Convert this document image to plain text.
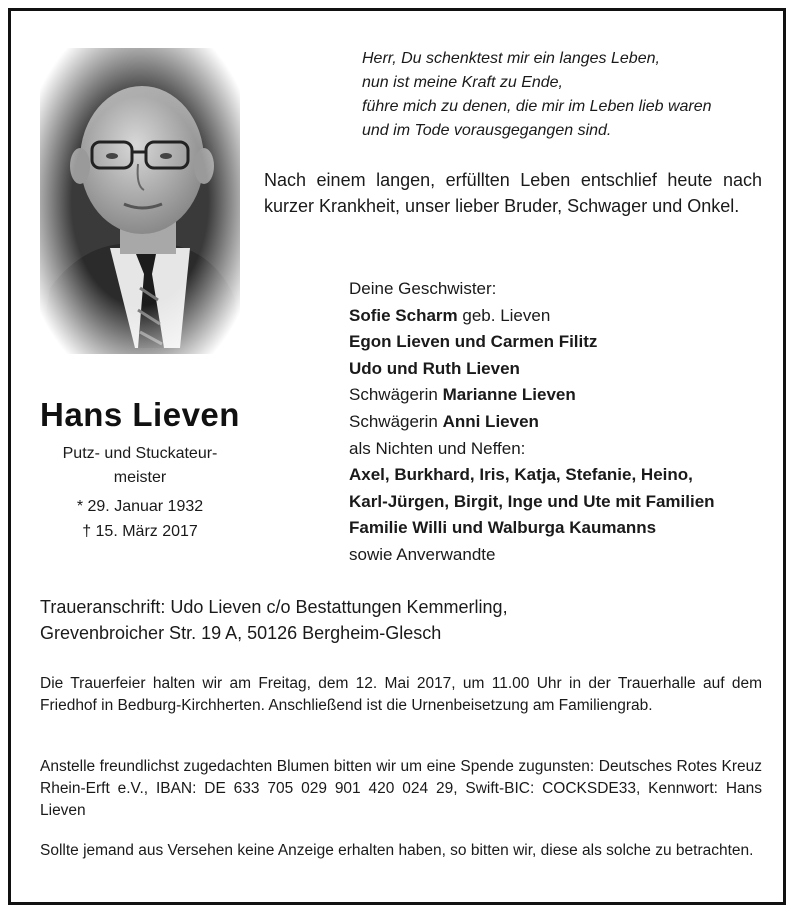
Herr, Du schenktest mir ein langes Leben,
nun ist meine Kraft zu Ende,
führe mich zu denen, die mir im Leben lieb waren
und im Tode vorausgegangen sind.
Nach einem langen, erfüllten Leben entschlief heute nach kurzer Krankheit, unser lieber Bruder, Schwager und Onkel.
Hans Lieven
Putz- und Stuckateur-
meister
* 29. Januar 1932
† 15. März 2017
Deine Geschwister:
Sofie Scharm geb. Lieven
Egon Lieven und Carmen Filitz
Udo und Ruth Lieven
Schwägerin Marianne Lieven
Schwägerin Anni Lieven
als Nichten und Neffen:
Axel, Burkhard, Iris, Katja, Stefanie, Heino,
Karl-Jürgen, Birgit, Inge und Ute mit Familien
Familie Willi und Walburga Kaumanns
sowie Anverwandte
Traueranschrift: Udo Lieven c/o Bestattungen Kemmerling,
Grevenbroicher Str. 19 A, 50126 Bergheim-Glesch
Die Trauerfeier halten wir am Freitag, dem 12. Mai 2017, um 11.00 Uhr in der Trauerhalle auf dem Friedhof in Bedburg-Kirchherten. Anschließend ist die Urnenbeisetzung am Familiengrab.
Anstelle freundlichst zugedachten Blumen bitten wir um eine Spende zugunsten: Deutsches Rotes Kreuz Rhein-Erft e.V., IBAN: DE 633 705 029 901 420 024 29, Swift-BIC: COCKSDE33, Kennwort: Hans Lieven
Sollte jemand aus Versehen keine Anzeige erhalten haben, so bitten wir, diese als solche zu betrachten.
